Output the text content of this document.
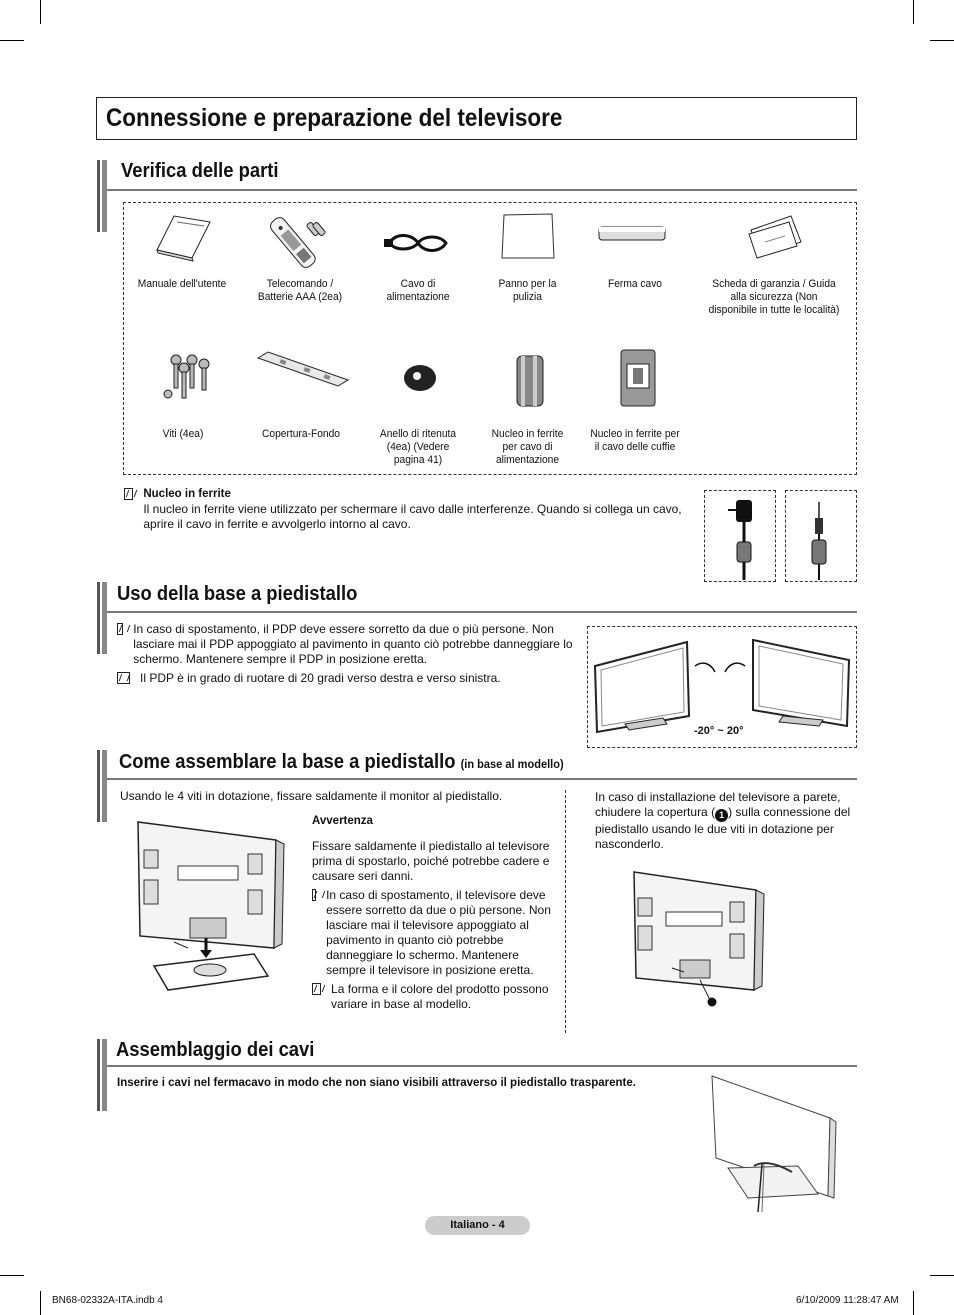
Connessione e preparazione del televisore
Verifica delle parti
Manuale dell'utente	Telecomando / Batterie AAA (2ea)
Cavo di alimentazione
Panno per la pulizia
Ferma cavo	Scheda di garanzia / Guida alla sicurezza (Non disponibile in tutte le località)
Viti (4ea)	Copertura-Fondo	Anello di ritenuta (4ea) (Vedere pagina 41)
Nucleo in ferrite per cavo di alimentazione
Nucleo in ferrite per il cavo delle cuffie
Nucleo in ferrite
Il nucleo in ferrite viene utilizzato per schermare il cavo dalle interferenze. Quando si collega un cavo, aprire il cavo in ferrite e avvolgerlo intorno al cavo.
Uso della base a piedistallo
In caso di spostamento, il PDP deve essere sorretto da due o più persone. Non lasciare mai il PDP appoggiato al pavimento in quanto ciò potrebbe danneggiare lo schermo. Mantenere sempre il PDP in posizione eretta.
Il PDP è in grado di ruotare di 20 gradi verso destra e verso sinistra.
-20° ~ 20°
Come assemblare la base a piedistallo (in base al modello)
Usando le 4 viti in dotazione, fissare saldamente il monitor al piedistallo.
Avvertenza
Fissare saldamente il piedistallo al televisore prima di spostarlo, poiché potrebbe cadere e causare seri danni.
In caso di spostamento, il televisore deve essere sorretto da due o più persone. Non lasciare mai il televisore appoggiato al pavimento in quanto ciò potrebbe danneggiare lo schermo. Mantenere sempre il televisore in posizione eretta.
La forma e il colore del prodotto possono variare in base al modello.
In caso di installazione del televisore a parete, chiudere la copertura ( 1 ) sulla connessione del piedistallo usando le due viti in dotazione per nasconderlo.
Assemblaggio dei cavi
Inserire i cavi nel fermacavo in modo che non siano visibili attraverso il piedistallo trasparente.
Italiano - 4
BN68-02332A-ITA.indb 4	6/10/2009 11:28:47 AM
